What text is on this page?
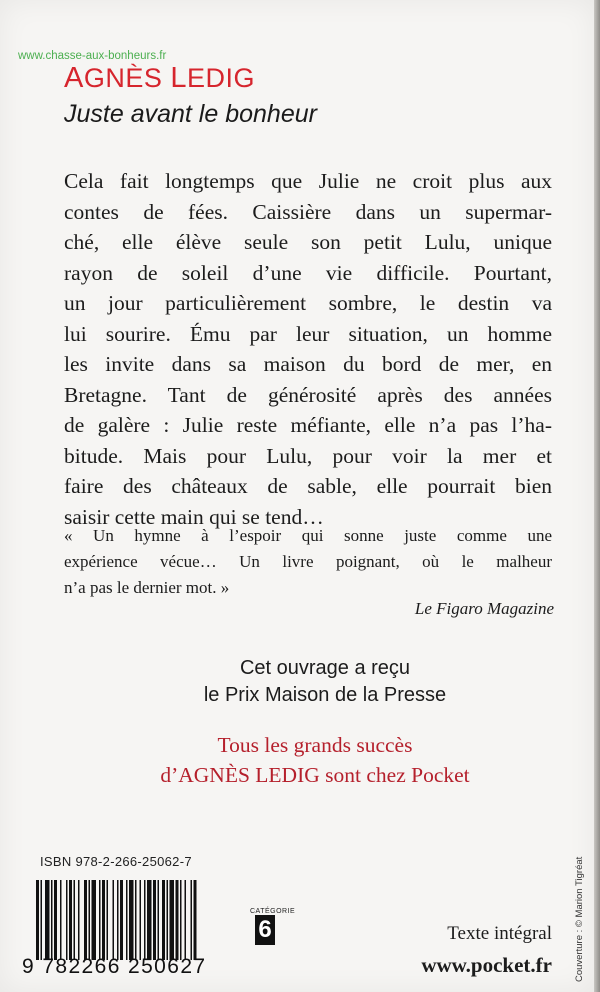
www.chasse-aux-bonheurs.fr
AGNÈS LEDIG
Juste avant le bonheur
Cela fait longtemps que Julie ne croit plus aux
contes de fées. Caissière dans un supermar-
ché, elle élève seule son petit Lulu, unique
rayon de soleil d’une vie difficile. Pourtant,
un jour particulièrement sombre, le destin va
lui sourire. Ému par leur situation, un homme
les invite dans sa maison du bord de mer, en
Bretagne. Tant de générosité après des années
de galère : Julie reste méfiante, elle n’a pas l’ha-
bitude. Mais pour Lulu, pour voir la mer et
faire des châteaux de sable, elle pourrait bien
saisir cette main qui se tend…
« Un hymne à l’espoir qui sonne juste comme une
expérience vécue… Un livre poignant, où le malheur
n’a pas le dernier mot. »
Le Figaro Magazine
Cet ouvrage a reçu
le Prix Maison de la Presse
Tous les grands succès
d’AGNÈS LEDIG sont chez Pocket
ISBN 978-2-266-25062-7
9 782266 250627
CATÉGORIE
6	Texte intégral
www.pocket.fr Couverture : © Marion Tigréat
